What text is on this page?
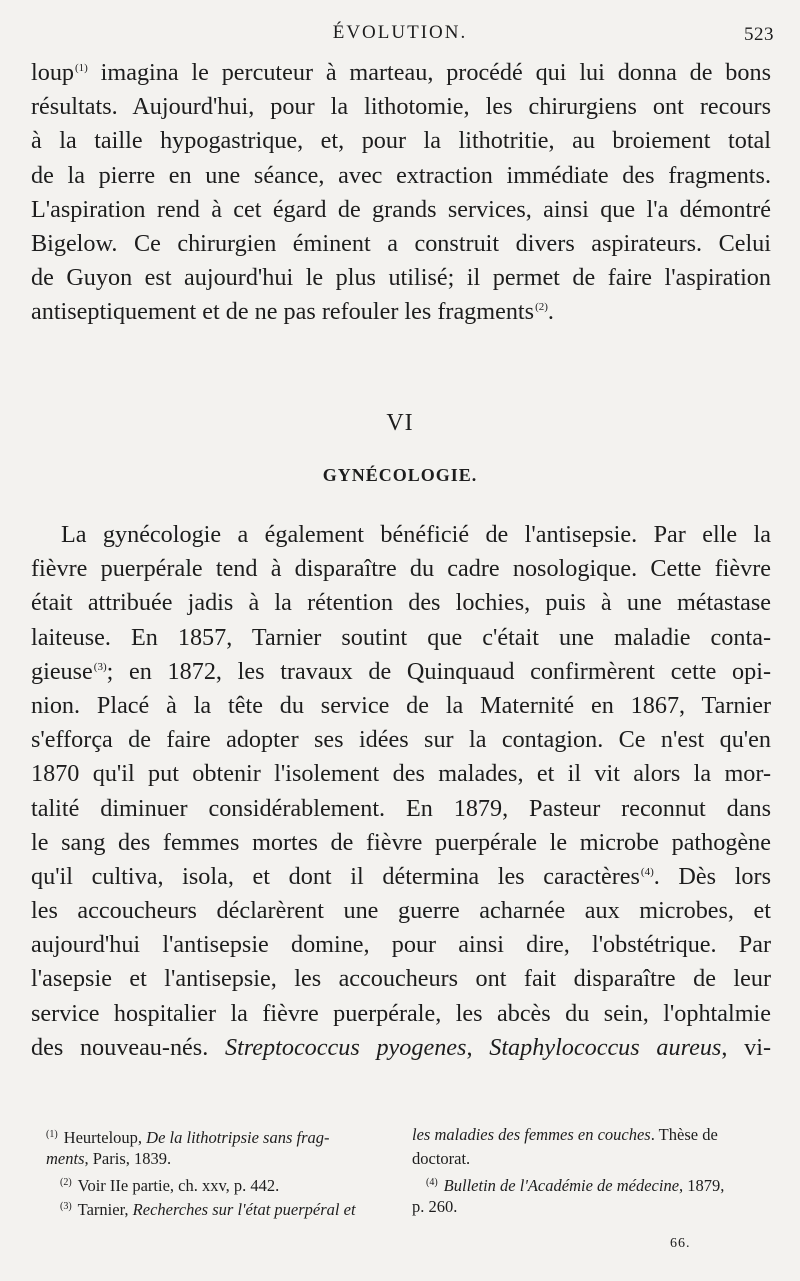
ÉVOLUTION.	523
loup$^{(1)}$ imagina le percuteur à marteau, procédé qui lui donna de bons
résultats. Aujourd'hui, pour la lithotomie, les chirurgiens ont recours
à la taille hypogastrique, et, pour la lithotritie, au broiement total
de la pierre en une séance, avec extraction immédiate des fragments.
L'aspiration rend à cet égard de grands services, ainsi que l'a démontré
Bigelow. Ce chirurgien éminent a construit divers aspirateurs. Celui
de Guyon est aujourd'hui le plus utilisé; il permet de faire l'aspiration
antiseptiquement et de ne pas refouler les fragments$^{(2)}$.
VI
GYNÉCOLOGIE.
La gynécologie a également bénéficié de l'antisepsie. Par elle la
fièvre puerpérale tend à disparaître du cadre nosologique. Cette fièvre
était attribuée jadis à la rétention des lochies, puis à une métastase
laiteuse. En 1857, Tarnier soutint que c'était une maladie conta-
gieuse$^{(3)}$; en 1872, les travaux de Quinquaud confirmèrent cette opi-
nion. Placé à la tête du service de la Maternité en 1867, Tarnier
s'efforça de faire adopter ses idées sur la contagion. Ce n'est qu'en
1870 qu'il put obtenir l'isolement des malades, et il vit alors la mor-
talité diminuer considérablement. En 1879, Pasteur reconnut dans
le sang des femmes mortes de fièvre puerpérale le microbe pathogène
qu'il cultiva, isola, et dont il détermina les caractères$^{(4)}$. Dès lors
les accoucheurs déclarèrent une guerre acharnée aux microbes, et
aujourd'hui l'antisepsie domine, pour ainsi dire, l'obstétrique. Par
l'asepsie et l'antisepsie, les accoucheurs ont fait disparaître de leur
service hospitalier la fièvre puerpérale, les abcès du sein, l'ophtalmie
des nouveau-nés. Streptococcus pyogenes, Staphylococcus aureus, vi-
$^{(1)}$ Heurteloup, De la lithotripsie sans frag-
ments, Paris, 1839.
$^{(2)}$ Voir IIe partie, ch. xxv, p. 442.
$^{(3)}$ Tarnier, Recherches sur l'état puerpéral et
les maladies des femmes en couches. Thèse de
doctorat.
$^{(4)}$ Bulletin de l'Académie de médecine, 1879,
p. 260.
66.
